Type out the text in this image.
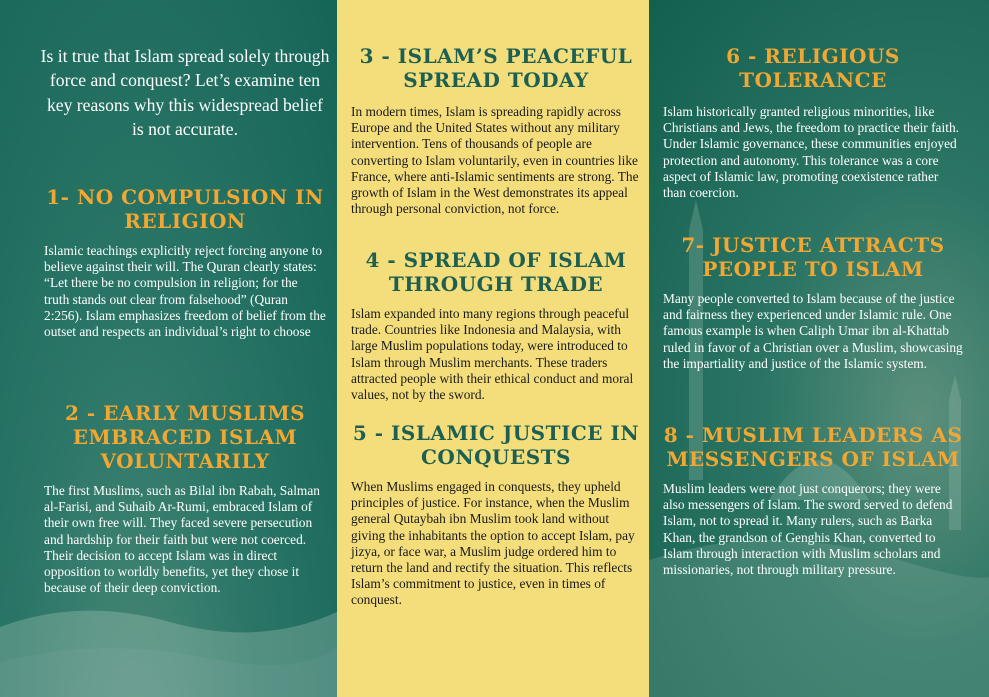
Is it true that Islam spread solely through force and conquest? Let’s examine ten key reasons why this widespread belief is not accurate.

1- NO COMPULSION IN RELIGION

Islamic teachings explicitly reject forcing anyone to believe against their will. The Quran clearly states: “Let there be no compulsion in religion; for the truth stands out clear from falsehood” (Quran 2:256). Islam emphasizes freedom of belief from the outset and respects an individual’s right to choose

2 - EARLY MUSLIMS EMBRACED ISLAM VOLUNTARILY

The first Muslims, such as Bilal ibn Rabah, Salman al-Farisi, and Suhaib Ar-Rumi, embraced Islam of their own free will. They faced severe persecution and hardship for their faith but were not coerced. Their decision to accept Islam was in direct opposition to worldly benefits, yet they chose it because of their deep conviction.

3 - ISLAM’S PEACEFUL SPREAD TODAY

In modern times, Islam is spreading rapidly across Europe and the United States without any military intervention. Tens of thousands of people are converting to Islam voluntarily, even in countries like France, where anti-Islamic sentiments are strong. The growth of Islam in the West demonstrates its appeal through personal conviction, not force.

4 - SPREAD OF ISLAM THROUGH TRADE

Islam expanded into many regions through peaceful trade. Countries like Indonesia and Malaysia, with large Muslim populations today, were introduced to Islam through Muslim merchants. These traders attracted people with their ethical conduct and moral values, not by the sword.

5 - ISLAMIC JUSTICE IN CONQUESTS

When Muslims engaged in conquests, they upheld principles of justice. For instance, when the Muslim general Qutaybah ibn Muslim took land without giving the inhabitants the option to accept Islam, pay jizya, or face war, a Muslim judge ordered him to return the land and rectify the situation. This reflects Islam’s commitment to justice, even in times of conquest.

6 - RELIGIOUS TOLERANCE

Islam historically granted religious minorities, like Christians and Jews, the freedom to practice their faith. Under Islamic governance, these communities enjoyed protection and autonomy. This tolerance was a core aspect of Islamic law, promoting coexistence rather than coercion.

7- JUSTICE ATTRACTS PEOPLE TO ISLAM

Many people converted to Islam because of the justice and fairness they experienced under Islamic rule. One famous example is when Caliph Umar ibn al-Khattab ruled in favor of a Christian over a Muslim, showcasing the impartiality and justice of the Islamic system.

8 - MUSLIM LEADERS AS MESSENGERS OF ISLAM

Muslim leaders were not just conquerors; they were also messengers of Islam. The sword served to defend Islam, not to spread it. Many rulers, such as Barka Khan, the grandson of Genghis Khan, converted to Islam through interaction with Muslim scholars and missionaries, not through military pressure.
